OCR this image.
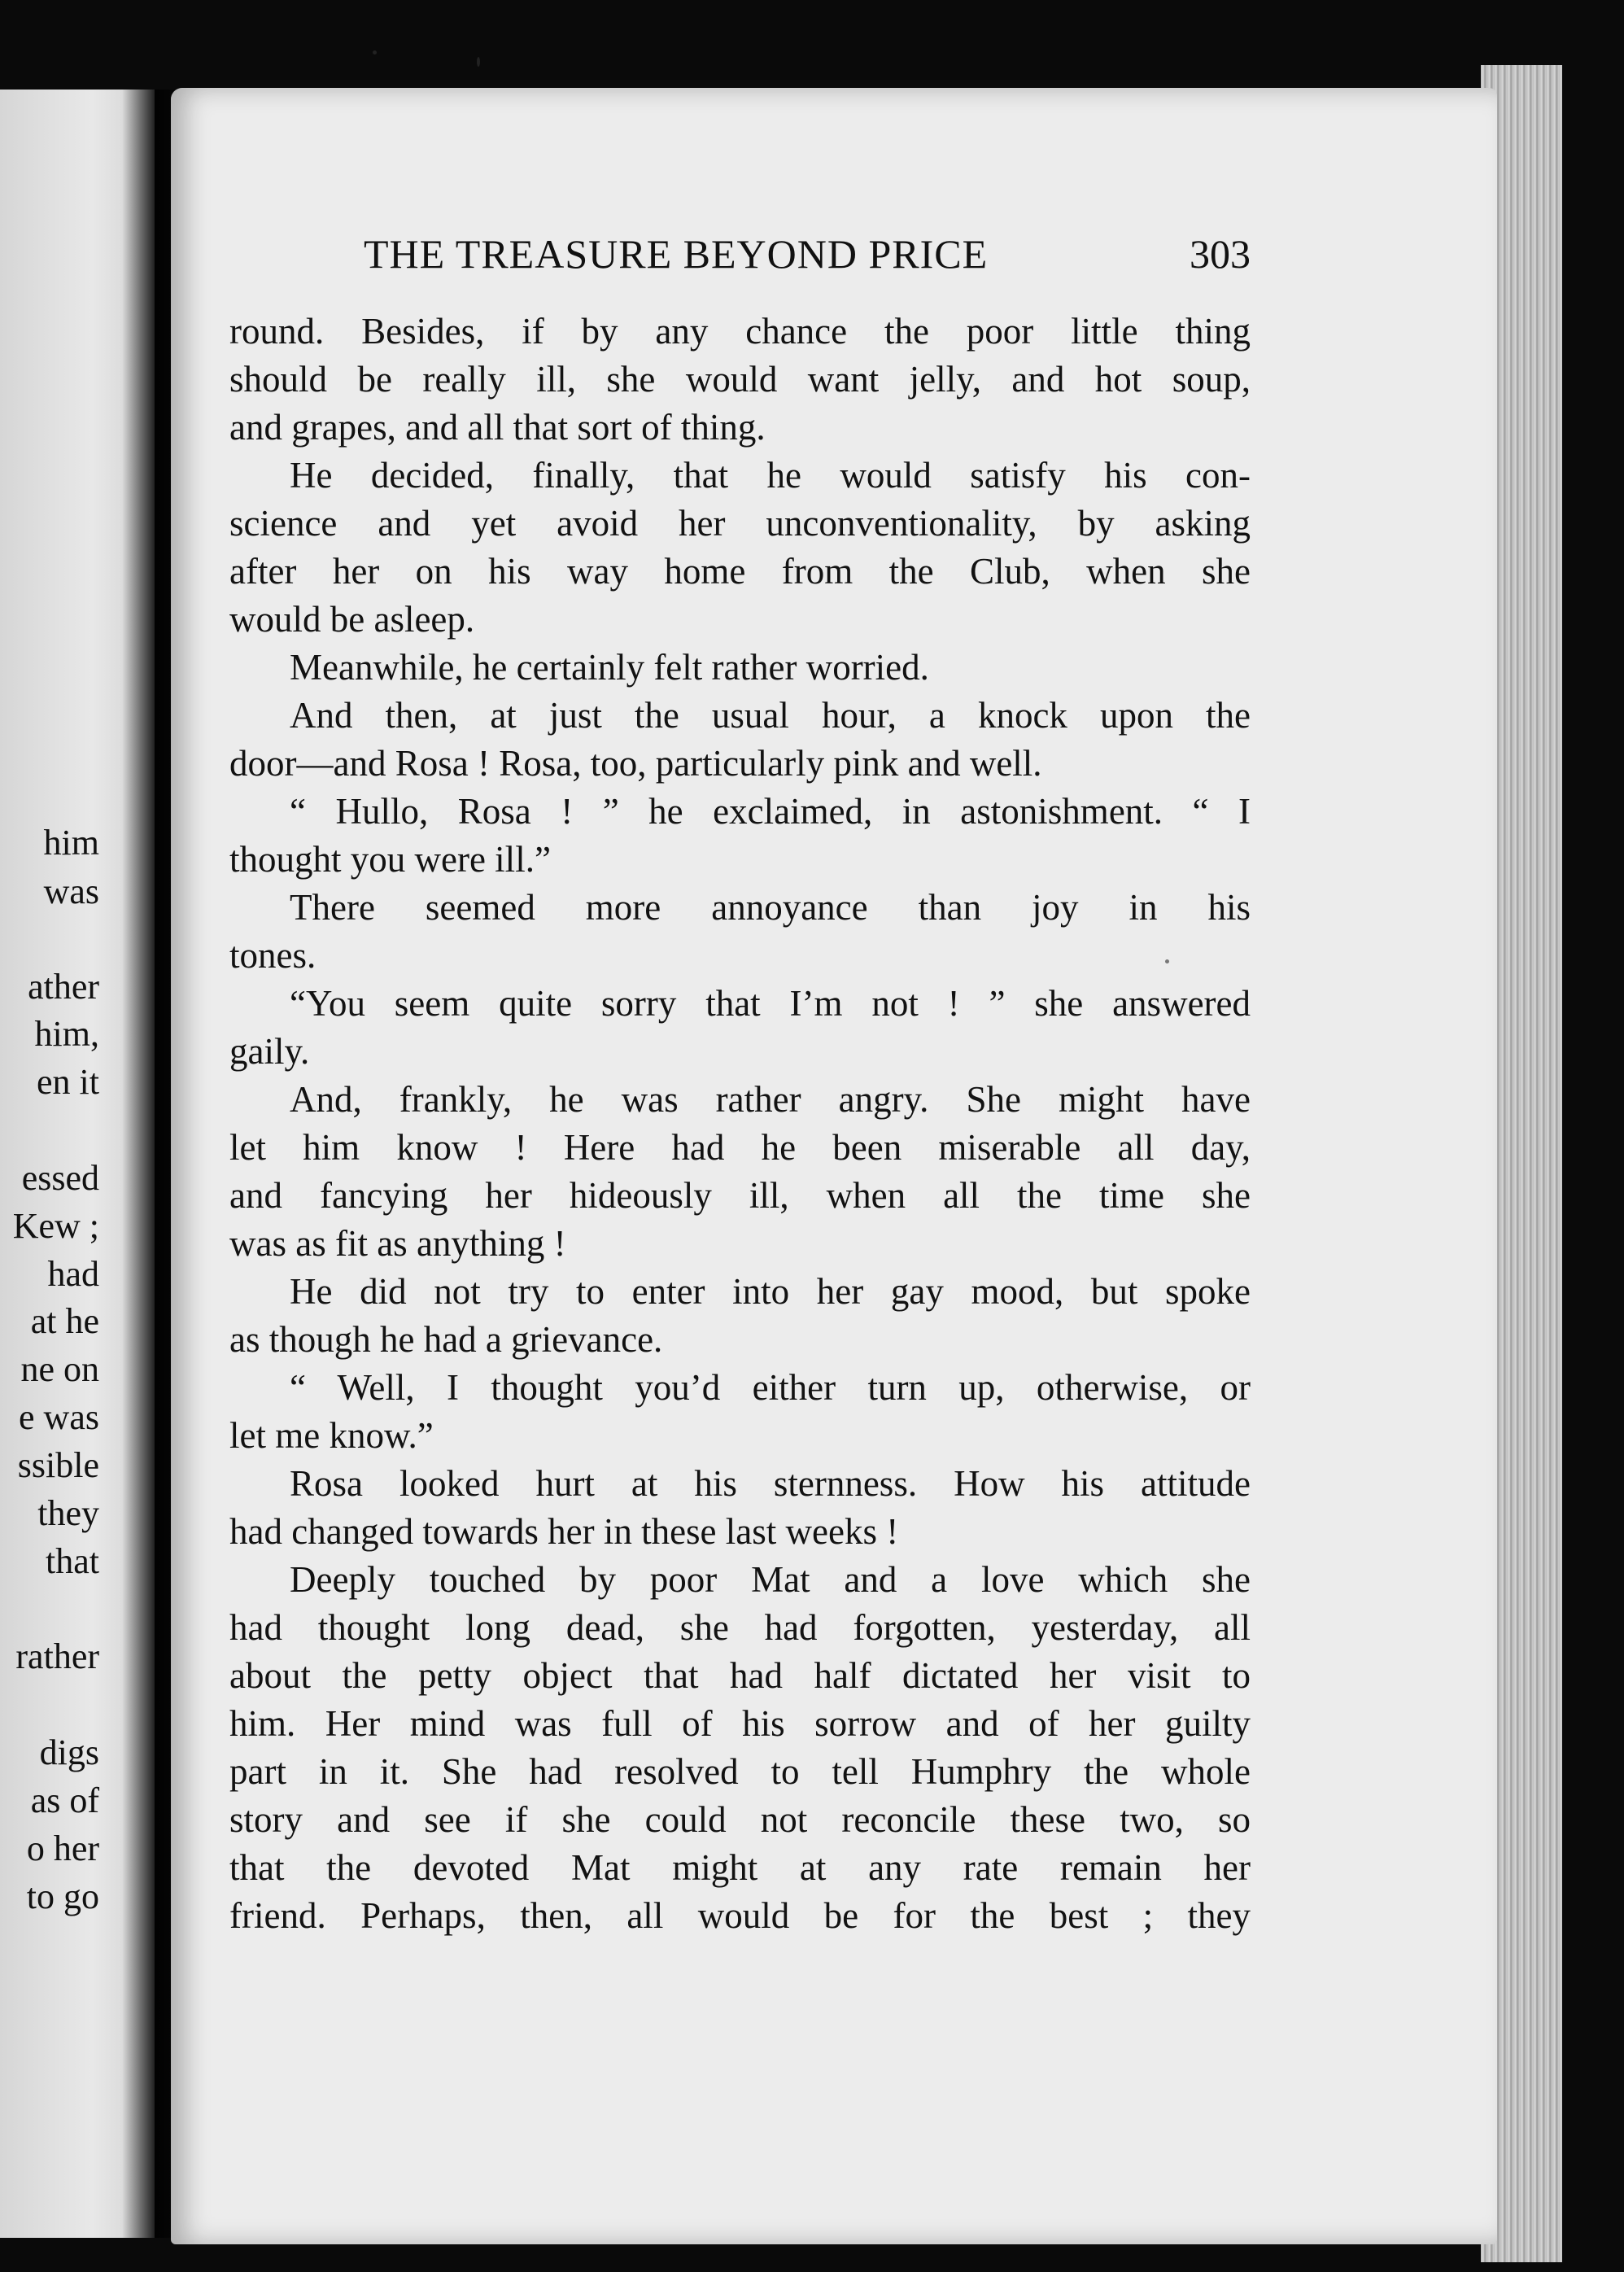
him
was
ather
him,
en it
essed
Kew ;
had
at he
ne on
e was
ssible
they
that
rather
digs
as of
o her
to go
THE TREASURE BEYOND PRICE	303
round. Besides, if by any chance the poor little thing
should be really ill, she would want jelly, and hot soup,
and grapes, and all that sort of thing.
He decided, finally, that he would satisfy his con-
science and yet avoid her unconventionality, by asking
after her on his way home from the Club, when she
would be asleep.
Meanwhile, he certainly felt rather worried.
And then, at just the usual hour, a knock upon the
door—and Rosa ! Rosa, too, particularly pink and well.
“ Hullo, Rosa ! ” he exclaimed, in astonishment. “ I
thought you were ill.”
There seemed more annoyance than joy in his
tones.
“You seem quite sorry that I’m not ! ” she answered
gaily.
And, frankly, he was rather angry. She might have
let him know ! Here had he been miserable all day,
and fancying her hideously ill, when all the time she
was as fit as anything !
He did not try to enter into her gay mood, but spoke
as though he had a grievance.
“ Well, I thought you’d either turn up, otherwise, or
let me know.”
Rosa looked hurt at his sternness. How his attitude
had changed towards her in these last weeks !
Deeply touched by poor Mat and a love which she
had thought long dead, she had forgotten, yesterday, all
about the petty object that had half dictated her visit to
him. Her mind was full of his sorrow and of her guilty
part in it. She had resolved to tell Humphry the whole
story and see if she could not reconcile these two, so
that the devoted Mat might at any rate remain her
friend. Perhaps, then, all would be for the best ; they
